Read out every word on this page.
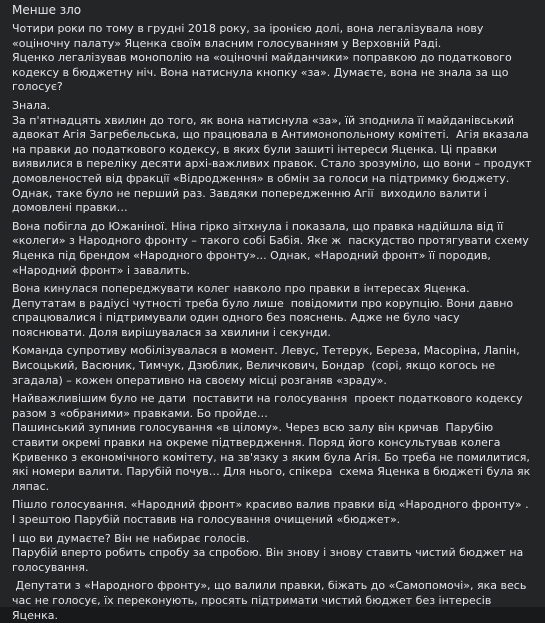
Менше зло

Чотири роки по тому в грудні 2018 року, за іронією долі, вона легалізувала нову «оціночну палату» Яценка своїм власним голосуванням у Верховній Раді.
Яценко легалізував монополію на «оціночні майданчики» поправкою до податкового кодексу в бюджетну ніч. Вона натиснула кнопку «за». Думаєте, вона не знала за що голосує?

Знала.
За п'ятнадцять хвилин до того, як вона натиснула «за», їй зподнила її майданівський адвокат Агія Загребельська, що працювала в Антимонопольному комітеті.  Агія вказала на правки до податкового кодексу, в яких були зашиті інтереси Яценка. Ці правки виявилися в переліку десяти архі-важливих правок. Стало зрозуміло, що вони – продукт домовленостей від фракції «Відродження» в обмін за голоси на підтримку бюджету.
Однак, таке було не перший раз. Завдяки попередженню Агії  виходило валити і домовлені правки…

Вона побігла до Южаніної. Ніна гірко зітхнула і показала, що правка надійшла від її «колеги» з Народного фронту – такого собі Бабія. Яке ж  паскудство протягувати схему Яценка під брендом «Народного фронту»... Однак, «Народний фронт» її породив, «Народний фронт» і завалить.

Вона кинулася попереджувати колег навколо про правки в інтересах Яценка.  Депутатам в радіусі чутності треба було лише  повідомити про корупцію. Вони давно спрацювалися і підтримували один одного без пояснень. Адже не було часу пояснювати. Доля вирішувалася за хвилини і секунди.

Команда супротиву мобілізувалася в момент. Левус, Тетерук, Береза, Масоріна, Лапін, Висоцький, Васюник, Тимчук, Дзюблик, Величкович, Бондар  (сорі, якщо когось не згадала) – кожен оперативно на своєму місці розганяв «зраду».

Найважливішим було не дати  поставити на голосування  проект податкового кодексу разом з «обраними» правками. Бо пройде…
Пашинський зупинив голосування «в цілому». Через всю залу він кричав  Парубію ставити окремі правки на окреме підтвердження. Поряд його консультував колега Кривенко з економічного комітету, на зв'язку з яким була Агія. Бо треба не помилитися, які номери валити. Парубій почув… Для нього, спікера  схема Яценка в бюджеті була як ляпас.

Пішло голосування. «Народний фронт» красиво валив правки від «Народного фронту» . І зрештою Парубій поставив на голосування очищений «бюджет».

І що ви думаєте? Він не набирає голосів.
Парубій вперто робить спробу за спробою. Він знову і знову ставить чистий бюджет на голосування.

Депутати з «Народного фронту», що валили правки, біжать до «Самопомочі», яка весь час не голосує, їх переконують, просять підтримати чистий бюджет без інтересів Яценка.
